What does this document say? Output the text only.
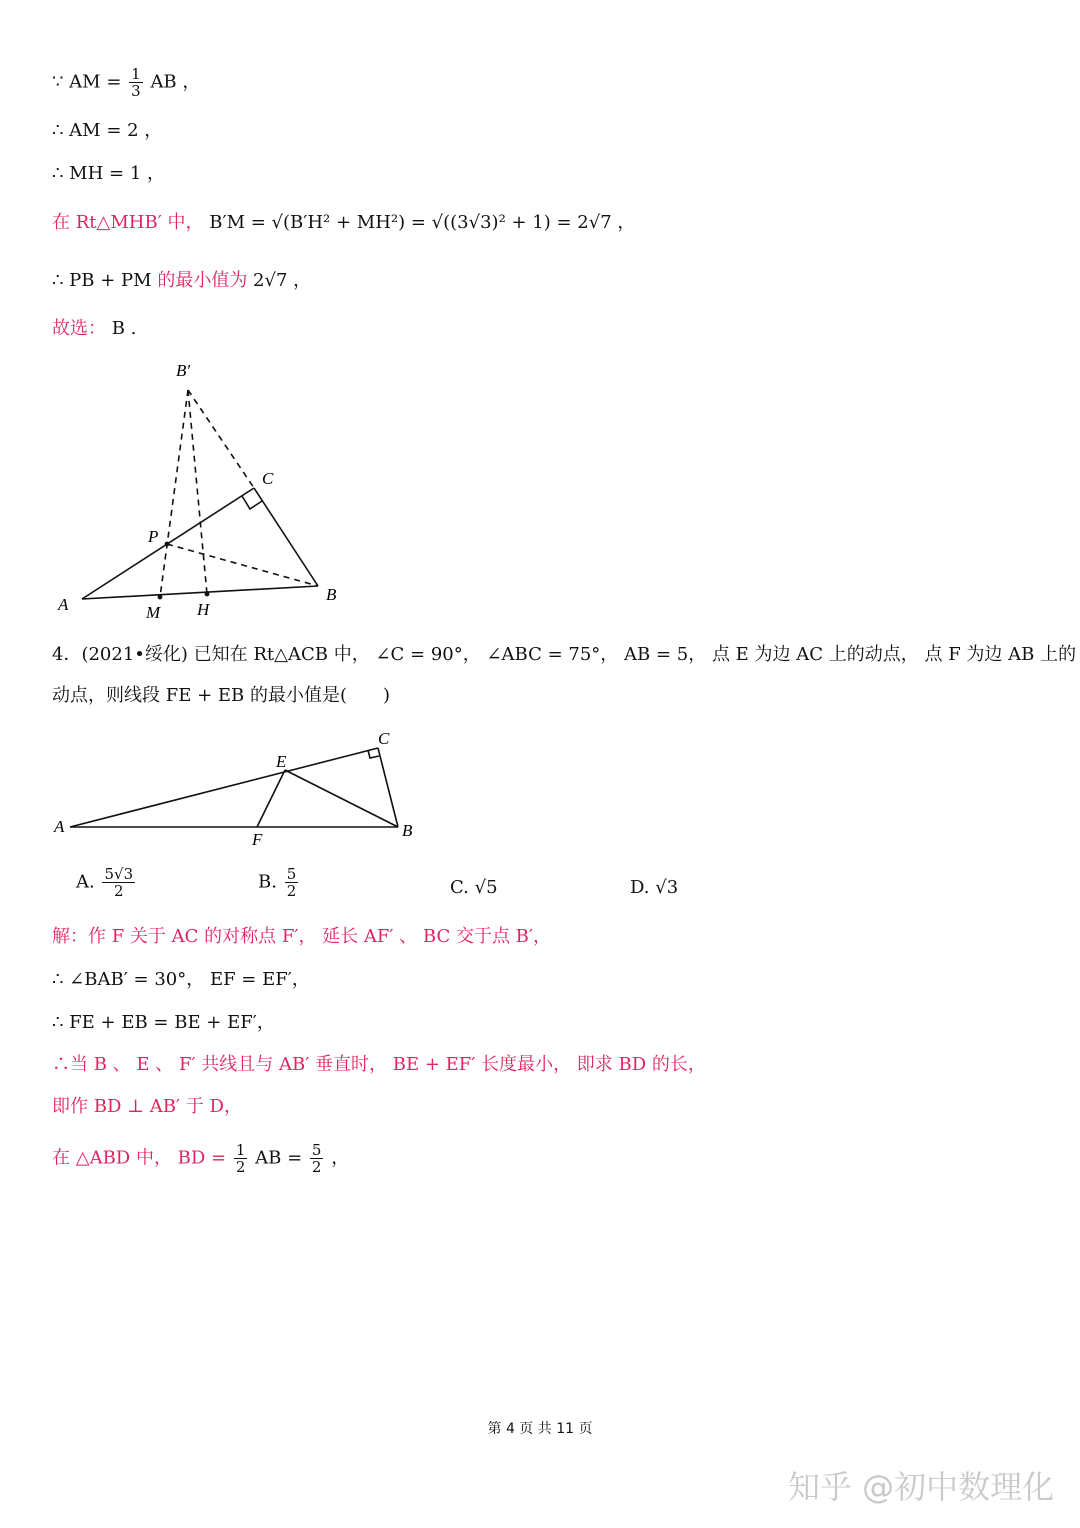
∵ AM = $\frac{1}{3}$ AB ，
∴ AM = 2 ，
∴ MH = 1 ，
在 Rt△MHB′ 中， B′M = √(B′H² + MH²) = √((3√3)² + 1) = 2√7 ，
∴ PB + PM 的最小值为 2√7 ，
故选： B .
B′
C
P
A
B
M H
4．(2021•绥化) 已知在 Rt△ACB 中， ∠C = 90°， ∠ABC = 75°， AB = 5， 点 E 为边 AC 上的动点， 点 F 为边 AB 上的
动点，则线段 FE + EB 的最小值是(　　)
E
C
A	B
F
A. $\frac{5√3}{2}$	B. $\frac{5}{2}$	C. √5	D. √3
解：作 F 关于 AC 的对称点 F′， 延长 AF′ 、 BC 交于点 B′，
∴ ∠BAB′ = 30°， EF = EF′，
∴ FE + EB = BE + EF′，
∴当 B 、 E 、 F′ 共线且与 AB′ 垂直时， BE + EF′ 长度最小， 即求 BD 的长，
即作 BD ⊥ AB′ 于 D，
在 △ABD 中， BD = $\frac{1}{2}$ AB = $\frac{5}{2}$ ，
第 4 页 共 11 页
知乎 @初中数理化
